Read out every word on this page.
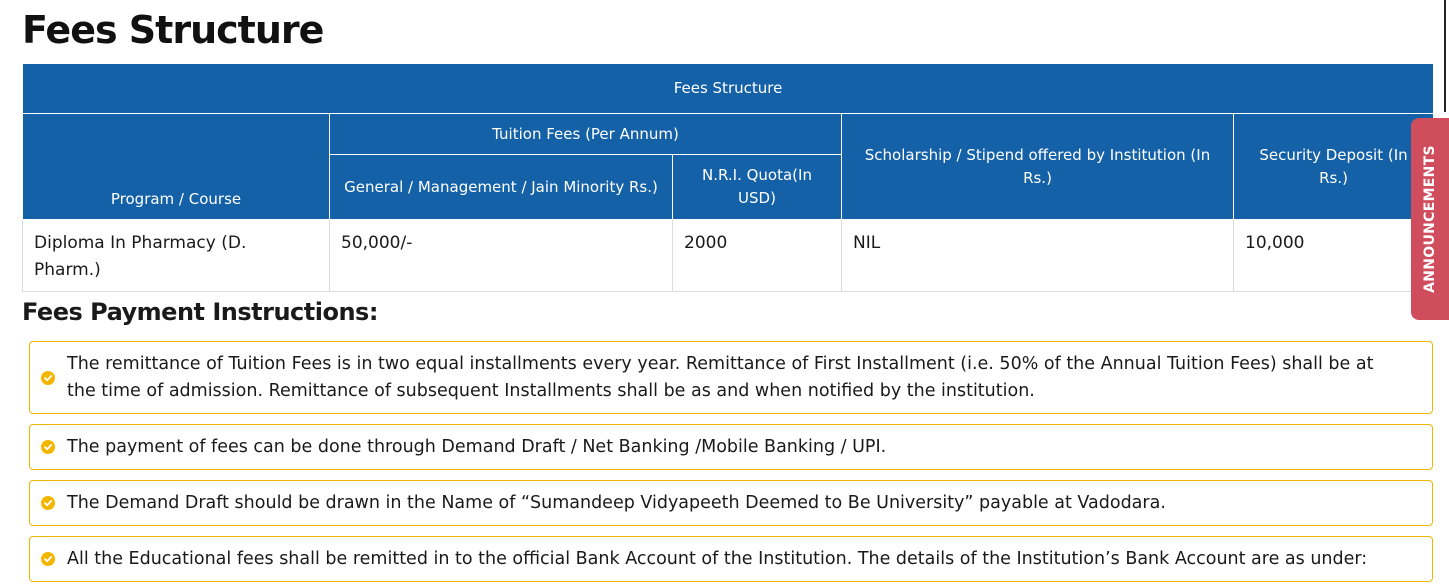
Fees Structure
Fees Structure				
Program / Course	Tuition Fees (Per Annum)		Scholarship / Stipend offered by Institution (In Rs.)	Security Deposit (In Rs.)
	General / Management / Jain Minority Rs.)	N.R.I. Quota(In USD)		
Diploma In Pharmacy (D. Pharm.)	50,000/-	2000	NIL	10,000
Fees Payment Instructions:
The remittance of Tuition Fees is in two equal installments every year. Remittance of First Installment (i.e. 50% of the Annual Tuition Fees) shall be at the time of admission. Remittance of subsequent Installments shall be as and when notified by the institution.
The payment of fees can be done through Demand Draft / Net Banking /Mobile Banking / UPI.
The Demand Draft should be drawn in the Name of “Sumandeep Vidyapeeth Deemed to Be University” payable at Vadodara.
All the Educational fees shall be remitted in to the official Bank Account of the Institution. The details of the Institution’s Bank Account are as under:
ANNOUNCEMENTS
